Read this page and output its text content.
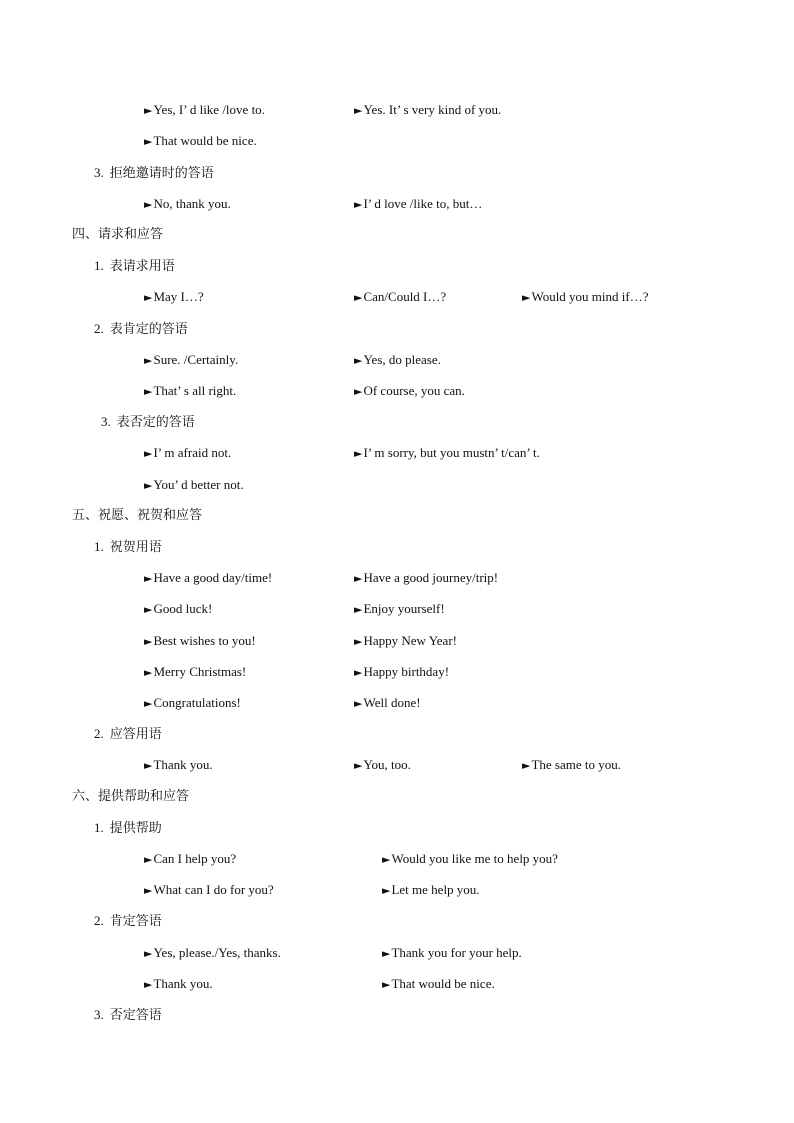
►Yes, I’ d like /love to.	►Yes. It’ s very kind of you.
►That would be nice.
3. 拒绝邀请时的答语
►No, thank you.	►I’ d love /like to, but…
四、请求和应答
1. 表请求用语
►May I…?	►Can/Could I…?	►Would you mind if…?
2. 表肯定的答语
►Sure. /Certainly.	►Yes, do please.
►That’ s all right.	►Of course, you can.
3. 表否定的答语
►I’ m afraid not.	►I’ m sorry, but you mustn’ t/can’ t.
►You’ d better not.
五、祝愿、祝贺和应答
1. 祝贺用语
►Have a good day/time!	►Have a good journey/trip!
►Good luck!	►Enjoy yourself!
►Best wishes to you!	►Happy New Year!
►Merry Christmas!	►Happy birthday!
►Congratulations!	►Well done!
2. 应答用语
►Thank you.	►You, too.	►The same to you.
六、提供帮助和应答
1. 提供帮助
►Can I help you?	►Would you like me to help you?
►What can I do for you?	►Let me help you.
2. 肯定答语
►Yes, please./Yes, thanks.	►Thank you for your help.
►Thank you.	►That would be nice.
3. 否定答语
